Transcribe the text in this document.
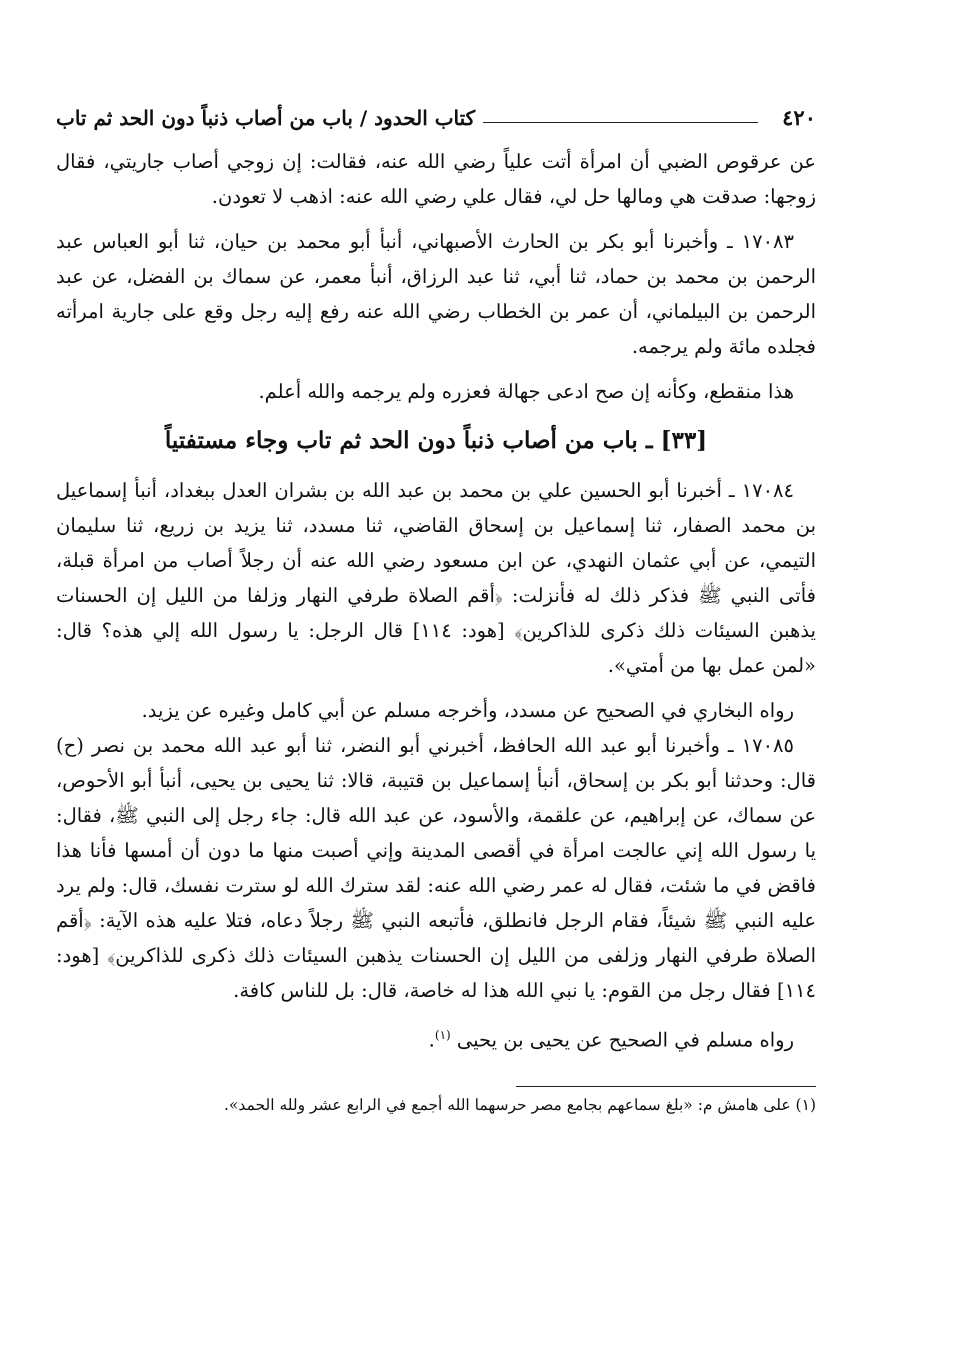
٤٢٠
كتاب الحدود / باب من أصاب ذنباً دون الحد ثم تاب

عن عرقوص الضبي أن امرأة أتت علياً رضي الله عنه، فقالت: إن زوجي أصاب جاريتي، فقال زوجها: صدقت هي ومالها حل لي، فقال علي رضي الله عنه: اذهب لا تعودن.

١٧٠٨٣ ـ وأخبرنا أبو بكر بن الحارث الأصبهاني، أنبأ أبو محمد بن حيان، ثنا أبو العباس عبد الرحمن بن محمد بن حماد، ثنا أبي، ثنا عبد الرزاق، أنبأ معمر، عن سماك بن الفضل، عن عبد الرحمن بن البيلماني، أن عمر بن الخطاب رضي الله عنه رفع إليه رجل وقع على جارية امرأته فجلده مائة ولم يرجمه.

هذا منقطع، وكأنه إن صح ادعى جهالة فعزره ولم يرجمه والله أعلم.

[٣٣] ـ باب من أصاب ذنباً دون الحد ثم تاب وجاء مستفتياً

١٧٠٨٤ ـ أخبرنا أبو الحسين علي بن محمد بن عبد الله بن بشران العدل ببغداد، أنبأ إسماعيل بن محمد الصفار، ثنا إسماعيل بن إسحاق القاضي، ثنا مسدد، ثنا يزيد بن زريع، ثنا سليمان التيمي، عن أبي عثمان النهدي، عن ابن مسعود رضي الله عنه أن رجلاً أصاب من امرأة قبلة، فأتى النبي ﷺ فذكر ذلك له فأنزلت: ﴿أقم الصلاة طرفي النهار وزلفا من الليل إن الحسنات يذهبن السيئات ذلك ذكرى للذاكرين﴾ [هود: ١١٤] قال الرجل: يا رسول الله إلي هذه؟ قال: «لمن عمل بها من أمتي».

رواه البخاري في الصحيح عن مسدد، وأخرجه مسلم عن أبي كامل وغيره عن يزيد.

١٧٠٨٥ ـ وأخبرنا أبو عبد الله الحافظ، أخبرني أبو النضر، ثنا أبو عبد الله محمد بن نصر (ح) قال: وحدثنا أبو بكر بن إسحاق، أنبأ إسماعيل بن قتيبة، قالا: ثنا يحيى بن يحيى، أنبأ أبو الأحوص، عن سماك، عن إبراهيم، عن علقمة، والأسود، عن عبد الله قال: جاء رجل إلى النبي ﷺ، فقال: يا رسول الله إني عالجت امرأة في أقصى المدينة وإني أصبت منها ما دون أن أمسها فأنا هذا فاقض في ما شئت، فقال له عمر رضي الله عنه: لقد سترك الله لو سترت نفسك، قال: ولم يرد عليه النبي ﷺ شيئاً، فقام الرجل فانطلق، فأتبعه النبي ﷺ رجلاً دعاه، فتلا عليه هذه الآية: ﴿أقم الصلاة طرفي النهار وزلفى من الليل إن الحسنات يذهبن السيئات ذلك ذكرى للذاكرين﴾ [هود: ١١٤] فقال رجل من القوم: يا نبي الله هذا له خاصة، قال: بل للناس كافة.

رواه مسلم في الصحيح عن يحيى بن يحيى $^{(١)}$.

(١) على هامش م: «بلغ سماعهم بجامع مصر حرسهما الله أجمع في الرابع عشر ولله الحمد».
